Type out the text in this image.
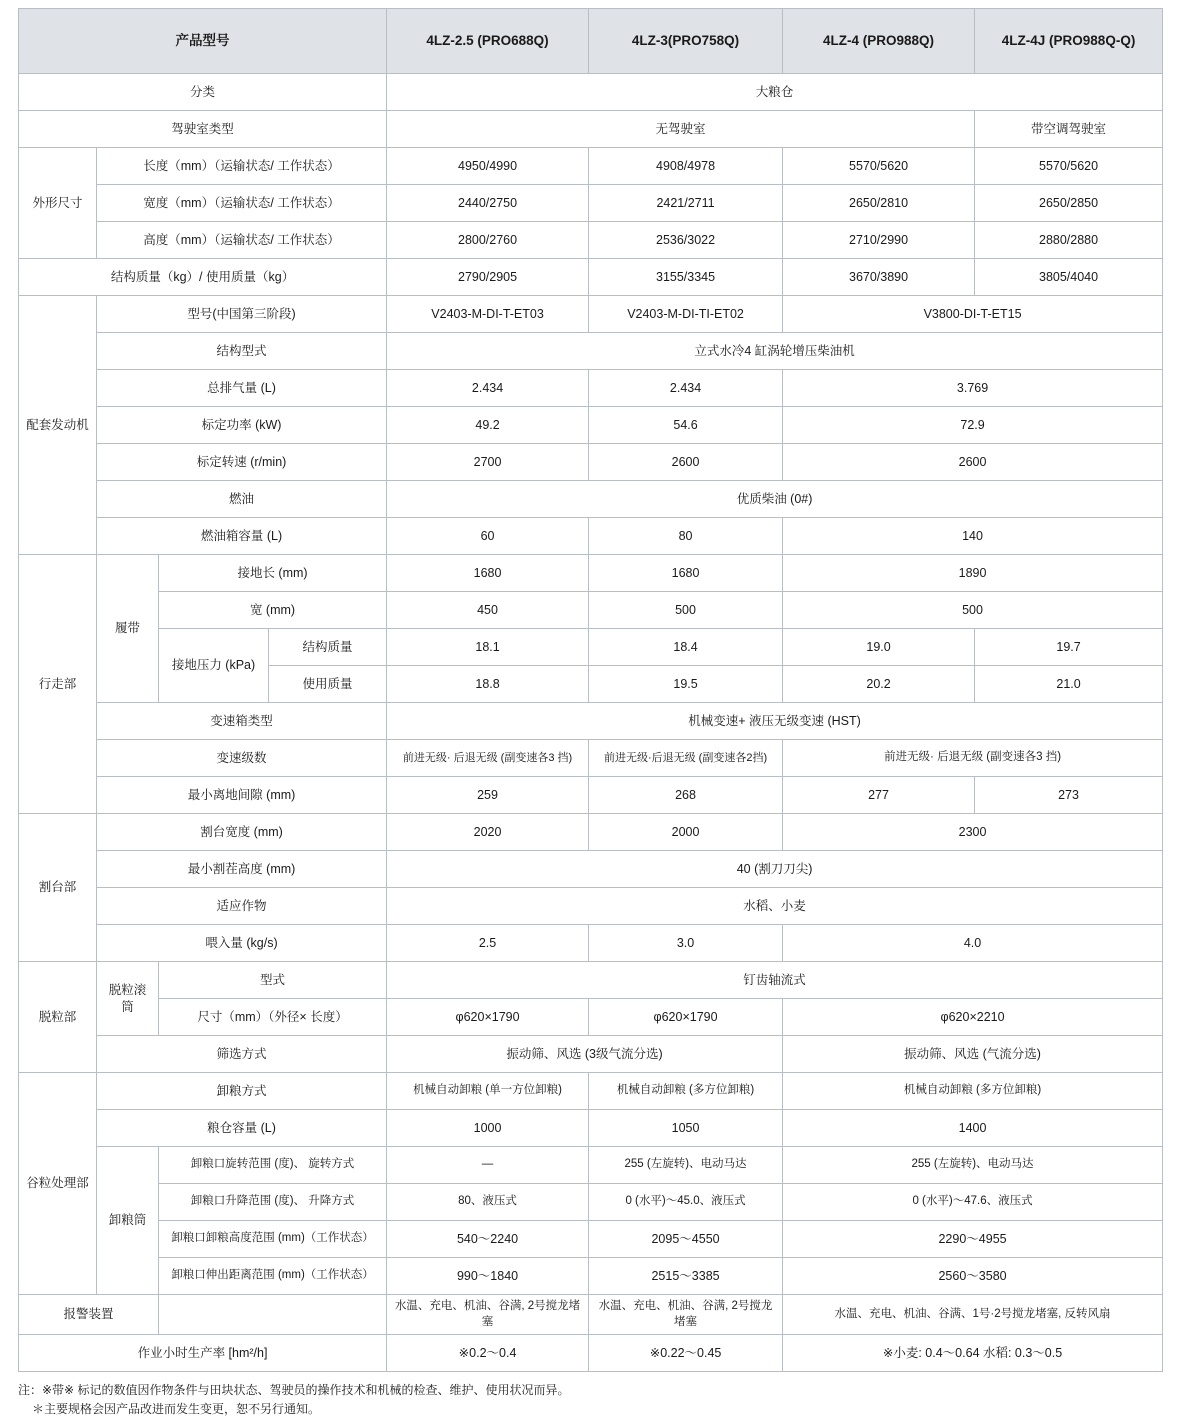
产品型号				4LZ-2.5 (PRO688Q)	4LZ-3(PRO758Q)	4LZ-4 (PRO988Q)	4LZ-4J (PRO988Q-Q)
分类				大粮仓			
驾驶室类型				无驾驶室			带空调驾驶室
外形尺寸	长度（mm）（运输状态/ 工作状态）			4950/4990	4908/4978	5570/5620	5570/5620
	宽度（mm）（运输状态/ 工作状态）			2440/2750	2421/2711	2650/2810	2650/2850
	高度（mm）（运输状态/ 工作状态）			2800/2760	2536/3022	2710/2990	2880/2880
结构质量（kg）/ 使用质量（kg）				2790/2905	3155/3345	3670/3890	3805/4040
配套发动机	型号(中国第三阶段)			V2403-M-DI-T-ET03	V2403-M-DI-TI-ET02	V3800-DI-T-ET15	
	结构型式			立式水冷4 缸涡轮增压柴油机			
	总排气量 (L)			2.434	2.434	3.769	
	标定功率 (kW)			49.2	54.6	72.9	
	标定转速 (r/min)			2700	2600	2600	
	燃油			优质柴油 (0#)			
	燃油箱容量 (L)			60	80	140	
行走部	履带	接地长 (mm)		1680	1680	1890	
		宽 (mm)		450	500	500	
		接地压力 (kPa)	结构质量	18.1	18.4	19.0	19.7
			使用质量	18.8	19.5	20.2	21.0
	变速箱类型			机械变速+ 液压无级变速 (HST)			
	变速级数			前进无级· 后退无级 (副变速各3 挡)	前进无级·后退无级 (副变速各2挡)	前进无级· 后退无级 (副变速各3 挡)	
	最小离地间隙 (mm)			259	268	277	273
割台部	割台宽度 (mm)			2020	2000	2300	
	最小割茬高度 (mm)			40 (割刀刀尖)			
	适应作物			水稻、小麦			
	喂入量 (kg/s)			2.5	3.0	4.0	
脱粒部	脱粒滚筒	型式		钉齿轴流式			
		尺寸（mm）（外径× 长度）		φ620×1790	φ620×1790	φ620×2210	
	筛选方式			振动筛、风选 (3级气流分选)		振动筛、风选 (气流分选)	
谷粒处理部	卸粮方式			机械自动卸粮 (单一方位卸粮)	机械自动卸粮 (多方位卸粮)	机械自动卸粮 (多方位卸粮)	
	粮仓容量 (L)			1000	1050	1400	
	卸粮筒	卸粮口旋转范围 (度)、 旋转方式		—	255 (左旋转)、电动马达	255 (左旋转)、电动马达	
		卸粮口升降范围 (度)、 升降方式		80、液压式	0 (水平)〜45.0、液压式	0 (水平)〜47.6、液压式	
		卸粮口卸粮高度范围 (mm)（工作状态）		540〜2240	2095〜4550	2290〜4955	
		卸粮口伸出距离范围 (mm)（工作状态）		990〜1840	2515〜3385	2560〜3580	
报警装置				水温、充电、机油、谷满, 2号搅龙堵塞	水温、充电、机油、谷满, 2号搅龙堵塞	水温、充电、机油、谷满、1号·2号搅龙堵塞, 反转风扇	
作业小时生产率 [hm²/h]				※0.2〜0.4	※0.22〜0.45	※小麦: 0.4〜0.64 水稻: 0.3〜0.5	
注：※带※ 标记的数值因作物条件与田块状态、驾驶员的操作技术和机械的检查、维护、使用状况而异。
＊主要规格会因产品改进而发生变更，恕不另行通知。
